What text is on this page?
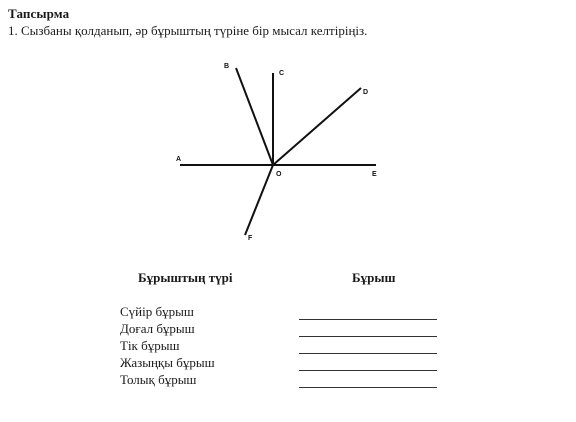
Тапсырма
1. Сызбаны қолданып, әр бұрыштың түріне бір мысал келтіріңіз.
A
B
C
D
E
F
O
Бұрыштың түрі	Бұрыш
Сүйір бұрыш
Доғал бұрыш
Тік бұрыш
Жазыңқы бұрыш
Толық бұрыш
